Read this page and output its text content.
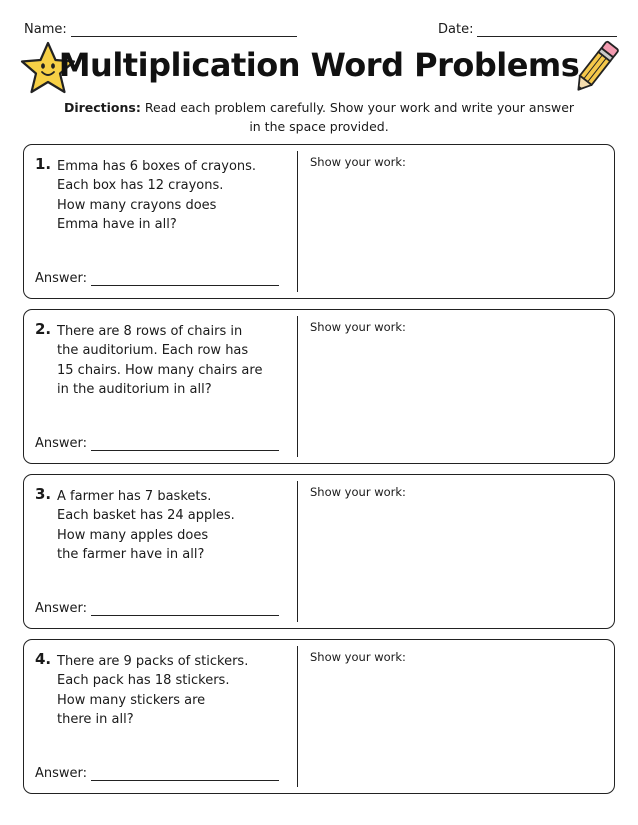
Name:	Date:
Multiplication Word Problems
Directions: Read each problem carefully. Show your work and write your answer in the space provided.
1. Emma has 6 boxes of crayons.
Each box has 12 crayons.
How many crayons does
Emma have in all?
Answer:
Show your work:
2. There are 8 rows of chairs in
the auditorium. Each row has
15 chairs. How many chairs are
in the auditorium in all?
Answer:
Show your work:
3. A farmer has 7 baskets.
Each basket has 24 apples.
How many apples does
the farmer have in all?
Answer:
Show your work:
4. There are 9 packs of stickers.
Each pack has 18 stickers.
How many stickers are
there in all?
Answer:
Show your work:
